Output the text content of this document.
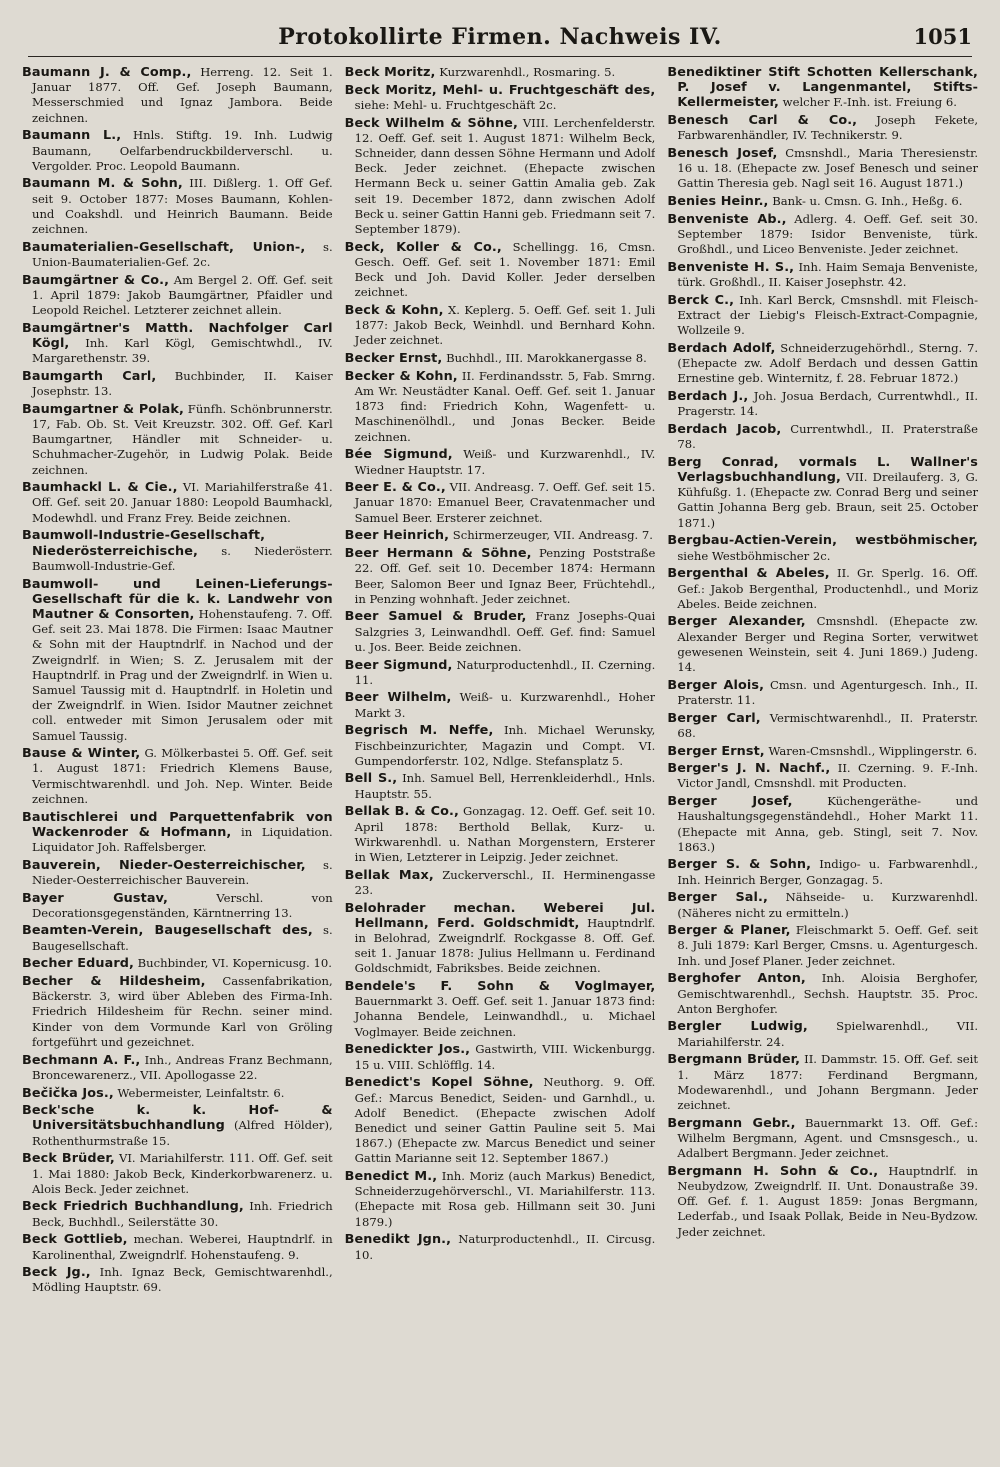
Protokollirte Firmen. Nachweis IV.	1051

Baumann J. & Comp., Herreng. 12. Seit 1. Januar 1877. Off. Gef. Joseph Baumann, Messerschmied und Ignaz Jambora. Beide zeichnen.

Baumann L., Hnls. Stiftg. 19. Inh. Ludwig Baumann, Oelfarbendruckbilderverschl. u. Vergolder. Proc. Leopold Baumann.

Baumann M. & Sohn, III. Dißlerg. 1. Off Gef. seit 9. October 1877: Moses Baumann, Kohlen- und Coakshdl. und Heinrich Baumann. Beide zeichnen.

Baumaterialien-Gesellschaft, Union-, s. Union-Baumaterialien-Gef. 2c.

Baumgärtner & Co., Am Bergel 2. Off. Gef. seit 1. April 1879: Jakob Baumgärtner, Pfaidler und Leopold Reichel. Letzterer zeichnet allein.

Baumgärtner's Matth. Nachfolger Carl Kögl, Inh. Karl Kögl, Gemischtwhdl., IV. Margarethenstr. 39.

Baumgarth Carl, Buchbinder, II. Kaiser Josephstr. 13.

Baumgartner & Polak, Fünfh. Schönbrunnerstr. 17, Fab. Ob. St. Veit Kreuzstr. 302. Off. Gef. Karl Baumgartner, Händler mit Schneider- u. Schuhmacher-Zugehör, in Ludwig Polak. Beide zeichnen.

Baumhackl L. & Cie., VI. Mariahilferstraße 41. Off. Gef. seit 20. Januar 1880: Leopold Baumhackl, Modewhdl. und Franz Frey. Beide zeichnen.

Baumwoll-Industrie-Gesellschaft, Niederösterreichische, s. Niederösterr. Baumwoll-Industrie-Gef.

Baumwoll- und Leinen-Lieferungs-Gesellschaft für die k. k. Landwehr von Mautner & Consorten, Hohenstaufeng. 7. Off. Gef. seit 23. Mai 1878. Die Firmen: Isaac Mautner & Sohn mit der Hauptndrlf. in Nachod und der Zweigndrlf. in Wien; S. Z. Jerusalem mit der Hauptndrlf. in Prag und der Zweigndrlf. in Wien u. Samuel Taussig mit d. Hauptndrlf. in Holetin und der Zweigndrlf. in Wien. Isidor Mautner zeichnet coll. entweder mit Simon Jerusalem oder mit Samuel Taussig.

Bause & Winter, G. Mölkerbastei 5. Off. Gef. seit 1. August 1871: Friedrich Klemens Bause, Vermischtwarenhdl. und Joh. Nep. Winter. Beide zeichnen.

Bautischlerei und Parquettenfabrik von Wackenroder & Hofmann, in Liquidation. Liquidator Joh. Raffelsberger.

Bauverein, Nieder-Oesterreichischer, s. Nieder-Oesterreichischer Bauverein.

Bayer Gustav,	Verschl. von Decorationsgegenständen, Kärntnerring 13.

Beamten-Verein, Baugesellschaft des, s. Baugesellschaft.

Becher Eduard, Buchbinder, VI. Kopernicusg. 10.

Becher & Hildesheim, Cassenfabrikation, Bäckerstr. 3, wird über Ableben des Firma-Inh. Friedrich Hildesheim für Rechn. seiner mind. Kinder von dem Vormunde Karl von Gröling fortgeführt und gezeichnet.

Bechmann A. F., Inh., Andreas Franz Bechmann, Broncewarenerz., VII. Apollogasse 22.

Bečička Jos., Webermeister, Leinfaltstr. 6.

Beck'sche k. k. Hof- & Universitätsbuchhandlung (Alfred Hölder), Rothenthurmstraße 15.

Beck Brüder, VI. Mariahilferstr. 111. Off. Gef. seit 1. Mai 1880: Jakob Beck, Kinderkorbwarenerz. u. Alois Beck. Jeder zeichnet.

Beck Friedrich Buchhandlung, Inh. Friedrich Beck, Buchhdl., Seilerstätte 30.

Beck Gottlieb, mechan. Weberei, Hauptndrlf. in Karolinenthal, Zweigndrlf. Hohenstaufeng. 9.

Beck Jg., Inh. Ignaz Beck, Gemischtwarenhdl., Mödling Hauptstr. 69.

Beck Moritz, Kurzwarenhdl., Rosmaring. 5.

Beck Moritz, Mehl- u. Fruchtgeschäft des, siehe: Mehl- u. Fruchtgeschäft 2c.

Beck Wilhelm & Söhne, VIII. Lerchenfelderstr. 12. Oeff. Gef. seit 1. August 1871: Wilhelm Beck, Schneider, dann dessen Söhne Hermann und Adolf Beck. Jeder zeichnet. (Ehepacte zwischen Hermann Beck u. seiner Gattin Amalia geb. Zak seit 19. December 1872, dann zwischen Adolf Beck u. seiner Gattin Hanni geb. Friedmann seit 7. September 1879).

Beck, Koller & Co., Schellingg. 16, Cmsn. Gesch. Oeff. Gef. seit 1. November 1871: Emil Beck und Joh. David Koller. Jeder derselben zeichnet.

Beck & Kohn, X. Keplerg. 5. Oeff. Gef. seit 1. Juli 1877: Jakob Beck, Weinhdl. und Bernhard Kohn. Jeder zeichnet.

Becker Ernst, Buchhdl., III. Marokkanergasse 8.

Becker & Kohn, II. Ferdinandsstr. 5, Fab. Smrng. Am Wr. Neustädter Kanal. Oeff. Gef. seit 1. Januar 1873 find: Friedrich Kohn, Wagenfett- u. Maschinenölhdl., und Jonas Becker. Beide zeichnen.

Bée Sigmund, Weiß- und Kurzwarenhdl., IV. Wiedner Hauptstr. 17.

Beer E. & Co., VII. Andreasg. 7. Oeff. Gef. seit 15. Januar 1870: Emanuel Beer, Cravatenmacher und Samuel Beer. Ersterer zeichnet.

Beer Heinrich, Schirmerzeuger, VII. Andreasg. 7.

Beer Hermann & Söhne, Penzing Poststraße 22. Off. Gef. seit 10. December 1874: Hermann Beer, Salomon Beer und Ignaz Beer, Früchtehdl., in Penzing wohnhaft. Jeder zeichnet.

Beer Samuel & Bruder, Franz Josephs-Quai Salzgries 3, Leinwandhdl. Oeff. Gef. find: Samuel u. Jos. Beer. Beide zeichnen.

Beer Sigmund, Naturproductenhdl., II. Czerning. 11.

Beer Wilhelm, Weiß- u. Kurzwarenhdl., Hoher Markt 3.

Begrisch M. Neffe, Inh. Michael Werunsky, Fischbeinzurichter, Magazin und Compt. VI. Gumpendorferstr. 102, Ndlge. Stefansplatz 5.

Bell S., Inh. Samuel Bell, Herrenkleiderhdl., Hnls. Hauptstr. 55.

Bellak B. & Co., Gonzagag. 12. Oeff. Gef. seit 10. April 1878: Berthold Bellak, Kurz- u. Wirkwarenhdl. u. Nathan Morgenstern, Ersterer in Wien, Letzterer in Leipzig. Jeder zeichnet.

Bellak Max, Zuckerverschl., II. Herminengasse 23.

Belohrader mechan. Weberei Jul. Hellmann, Ferd. Goldschmidt, Hauptndrlf. in Belohrad, Zweigndrlf. Rockgasse 8. Off. Gef. seit 1. Januar 1878: Julius Hellmann u. Ferdinand Goldschmidt, Fabriksbes. Beide zeichnen.

Bendele's F. Sohn & Voglmayer, Bauernmarkt 3. Oeff. Gef. seit 1. Januar 1873 find: Johanna Bendele, Leinwandhdl., u. Michael Voglmayer. Beide zeichnen.

Benedickter Jos., Gastwirth, VIII. Wickenburgg. 15 u. VIII. Schlöfflg. 14.

Benedict's Kopel Söhne, Neuthorg. 9. Off. Gef.: Marcus Benedict, Seiden- und Garnhdl., u. Adolf Benedict. (Ehepacte zwischen Adolf Benedict und seiner Gattin Pauline seit 5. Mai 1867.) (Ehepacte zw. Marcus Benedict und seiner Gattin Marianne seit 12. September 1867.)

Benedict M., Inh. Moriz (auch Markus) Benedict, Schneiderzugehörverschl., VI. Mariahilferstr. 113. (Ehepacte mit Rosa geb. Hillmann seit 30. Juni 1879.)

Benedikt Jgn., Naturproductenhdl., II. Circusg. 10.

Benediktiner Stift Schotten Kellerschank, P. Josef v. Langenmantel, Stifts-Kellermeister, welcher F.-Inh. ist. Freiung 6.

Benesch Carl & Co., Joseph Fekete, Farbwarenhändler, IV. Technikerstr. 9.

Benesch Josef, Cmsnshdl., Maria Theresienstr. 16 u. 18. (Ehepacte zw. Josef Benesch und seiner Gattin Theresia geb. Nagl seit 16. August 1871.)

Benies Heinr., Bank- u. Cmsn. G. Inh., Heßg. 6.

Benveniste Ab., Adlerg. 4. Oeff. Gef. seit 30. September 1879: Isidor Benveniste, türk. Großhdl., und Liceo Benveniste. Jeder zeichnet.

Benveniste H. S., Inh. Haim Semaja Benveniste, türk. Großhdl., II. Kaiser Josephstr. 42.

Berck C., Inh. Karl Berck, Cmsnshdl. mit Fleisch-Extract der Liebig's Fleisch-Extract-Compagnie, Wollzeile 9.

Berdach Adolf, Schneiderzugehörhdl., Sterng. 7. (Ehepacte zw. Adolf Berdach und dessen Gattin Ernestine geb. Winternitz, f. 28. Februar 1872.)

Berdach J., Joh. Josua Berdach, Currentwhdl., II. Pragerstr. 14.

Berdach Jacob, Currentwhdl., II. Praterstraße 78.

Berg Conrad, vormals L. Wallner's Verlagsbuchhandlung, VII. Dreilauferg. 3, G. Kühfußg. 1. (Ehepacte zw. Conrad Berg und seiner Gattin Johanna Berg geb. Braun, seit 25. October 1871.)

Bergbau-Actien-Verein, westböhmischer, siehe Westböhmischer 2c.

Bergenthal & Abeles, II. Gr. Sperlg. 16. Off. Gef.: Jakob Bergenthal, Productenhdl., und Moriz Abeles. Beide zeichnen.

Berger Alexander, Cmsnshdl. (Ehepacte zw. Alexander Berger und Regina Sorter, verwitwet gewesenen Weinstein, seit 4. Juni 1869.) Judeng. 14.

Berger Alois, Cmsn. und Agenturgesch. Inh., II. Praterstr. 11.

Berger Carl, Vermischtwarenhdl., II. Praterstr. 68.

Berger Ernst, Waren-Cmsnshdl., Wipplingerstr. 6.

Berger's J. N. Nachf., II. Czerning. 9. F.-Inh. Victor Jandl, Cmsnshdl. mit Producten.

Berger Josef,	Küchengeräthe- und Haushaltungsgegenständehdl., Hoher Markt 11. (Ehepacte mit Anna, geb. Stingl, seit 7. Nov. 1863.)

Berger S. & Sohn, Indigo- u. Farbwarenhdl., Inh. Heinrich Berger, Gonzagag. 5.

Berger Sal., Nähseide- u. Kurzwarenhdl. (Näheres nicht zu ermitteln.)

Berger & Planer, Fleischmarkt 5. Oeff. Gef. seit 8. Juli 1879: Karl Berger, Cmsns. u. Agenturgesch. Inh. und Josef Planer. Jeder zeichnet.

Berghofer Anton, Inh. Aloisia Berghofer, Gemischtwarenhdl., Sechsh. Hauptstr. 35. Proc. Anton Berghofer.

Bergler Ludwig, Spielwarenhdl., VII. Mariahilferstr. 24.

Bergmann Brüder, II. Dammstr. 15. Off. Gef. seit 1. März 1877: Ferdinand Bergmann, Modewarenhdl., und Johann Bergmann. Jeder zeichnet.

Bergmann Gebr., Bauernmarkt 13. Off. Gef.: Wilhelm Bergmann, Agent. und Cmsnsgesch., u. Adalbert Bergmann. Jeder zeichnet.

Bergmann H. Sohn & Co., Hauptndrlf. in Neubydzow, Zweigndrlf. II. Unt. Donaustraße 39. Off. Gef. f. 1. August 1859: Jonas Bergmann, Lederfab., und Isaak Pollak, Beide in Neu-Bydzow. Jeder zeichnet.
